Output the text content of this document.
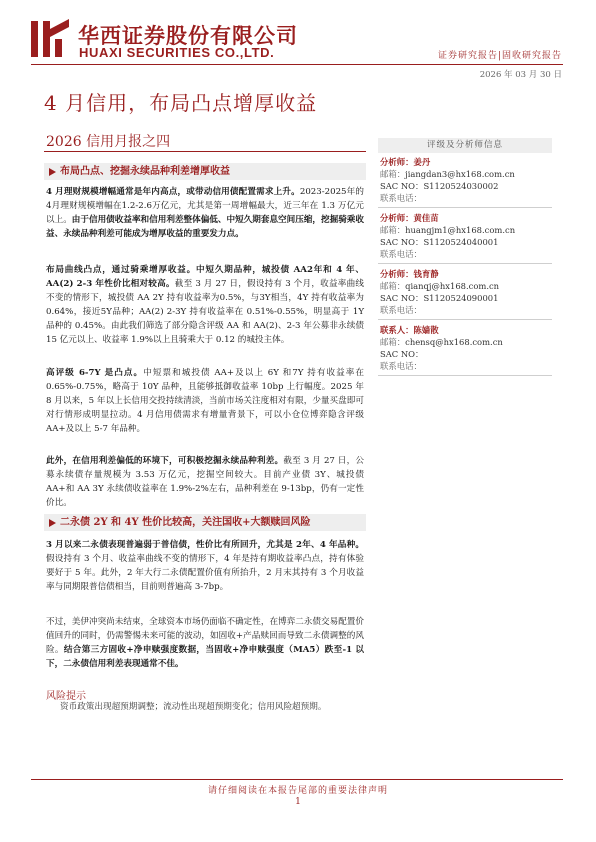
华西证券股份有限公司
HUAXI SECURITIES CO.,LTD.	证券研究报告|固收研究报告
2026 年 03 月 30 日
4 月信用，布局凸点增厚收益
2026 信用月报之四
布局凸点、挖掘永续品种利差增厚收益
4 月理财规模增幅通常是年内高点，或带动信用债配置需求上升。2023-2025年的4月理财规模增幅在1.2-2.6万亿元，尤其是第一周增幅最大，近三年在 1.3 万亿元以上。由于信用债收益率和信用利差整体偏低、中短久期套息空间压缩，挖掘骑乘收益、永续品种利差可能成为增厚收益的重要发力点。
布局曲线凸点，通过骑乘增厚收益。中短久期品种，城投债 AA2年和 4 年、AA(2) 2-3 年性价比相对较高。截至 3 月 27 日，假设持有 3 个月，收益率曲线不变的情形下，城投债 AA 2Y 持有收益率为0.5%，与3Y相当，4Y 持有收益率为0.64%，接近5Y品种；AA(2) 2-3Y 持有收益率在 0.51%-0.55%，明显高于 1Y 品种的 0.45%。由此我们筛选了部分隐含评级 AA 和 AA(2)、2-3 年公募非永续债 15 亿元以上、收益率 1.9%以上且骑乘大于 0.12 的城投主体。
高评级 6-7Y 是凸点。中短票和城投债 AA+及以上 6Y 和7Y 持有收益率在 0.65%-0.75%，略高于 10Y 品种，且能够抵御收益率 10bp 上行幅度。2025 年 8 月以来，5 年以上长信用交投持续清淡，当前市场关注度相对有限，少量买盘即可对行情形成明显拉动。4 月信用债需求有增量背景下，可以小仓位博弈隐含评级 AA+及以上 5-7 年品种。
此外，在信用利差偏低的环境下，可积极挖掘永续品种利差。截至 3 月 27 日，公募永续债存量规模为 3.53 万亿元，挖掘空间较大。目前产业债 3Y、城投债 AA+和 AA 3Y 永续债收益率在 1.9%-2%左右，品种利差在 9-13bp，仍有一定性价比。
二永债 2Y 和 4Y 性价比较高，关注国收+大额赎回风险
3 月以来二永债表现普遍弱于普信债，性价比有所回升，尤其是 2年、4 年品种。假设持有 3 个月、收益率曲线不变的情形下，4 年是持有期收益率凸点，持有体验要好于 5 年。此外，2 年大行二永债配置价值有所抬升，2 月末其持有 3 个月收益率与同期限普信债相当，目前则普遍高 3-7bp。
不过，美伊冲突尚未结束，全球资本市场仍面临不确定性，在博弈二永债交易配置价值回升的同时，仍需警惕未来可能的波动，如固收+产品赎回而导致二永债调整的风险。结合第三方固收+净申赎强度数据，当固收+净申赎强度（MA5）跌至-1 以下，二永债信用利差表现通常不佳。
风险提示
资币政策出现超预期调整；流动性出现超预期变化；信用风险超预期。
评级及分析师信息
分析师：姜丹
邮箱：jiangdan3@hx168.com.cn
SAC NO：S1120524030002
联系电话：
分析师：黄佳苗
邮箱：huangjm1@hx168.com.cn
SAC NO：S1120524040001
联系电话：
分析师：钱育静
邮箱：qianqj@hx168.com.cn
SAC NO：S1120524090001
联系电话：
联系人：陈嫱散
邮箱：chensq@hx168.com.cn
SAC NO：
联系电话：
请仔细阅读在本报告尾部的重要法律声明
1
